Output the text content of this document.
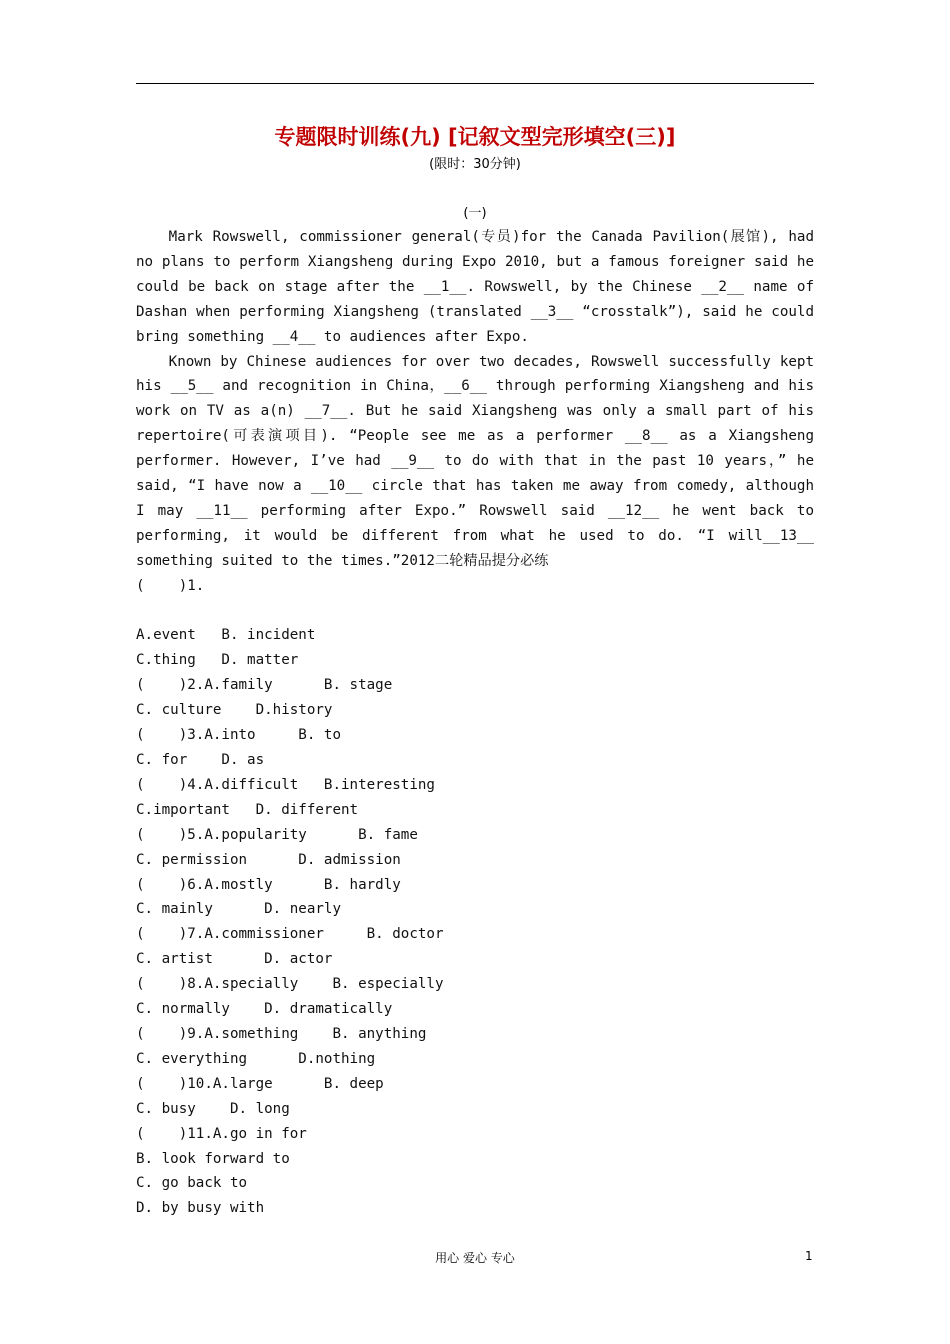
专题限时训练(九) [记叙文型完形填空(三)]
(限时：30分钟)
(一)

Mark Rowswell, commissioner general(专员)for the Canada Pavilion(展馆), had no plans to perform Xiangsheng during Expo 2010, but a famous foreigner said he could be back on stage after the __1__. Rowswell, by the Chinese __2__ name of Dashan when performing Xiangsheng (translated __3__ “crosstalk”), said he could bring something __4__ to audiences after Expo.

Known by Chinese audiences for over two decades, Rowswell successfully kept his __5__ and recognition in China，__6__ through performing Xiangsheng and his work on TV as a(n) __7__. But he said Xiangsheng was only a small part of his repertoire(可表演项目). “People see me as a performer __8__ as a Xiangsheng performer. However, I’ve had __9__ to do with that in the past 10 years，” he said, “I have now a __10__ circle that has taken me away from comedy, although I may __11__ performing after Expo.” Rowswell said __12__ he went back to performing, it would be different from what he used to do. “I will__13__ something suited to the times.”2012二轮精品提分必练

(    )1.
A.event   B. incident
C.thing   D. matter
(    )2.A.family      B. stage
C. culture    D.history
(    )3.A.into     B. to
C. for    D. as
(    )4.A.difficult   B.interesting
C.important   D. different
(    )5.A.popularity      B. fame
C. permission      D. admission
(    )6.A.mostly      B. hardly
C. mainly      D. nearly
(    )7.A.commissioner     B. doctor
C. artist      D. actor
(    )8.A.specially    B. especially
C. normally    D. dramatically
(    )9.A.something    B. anything
C. everything      D.nothing
(    )10.A.large      B. deep
C. busy    D. long
(    )11.A.go in for
B. look forward to
C. go back to
D. by busy with
用心 爱心 专心	1
